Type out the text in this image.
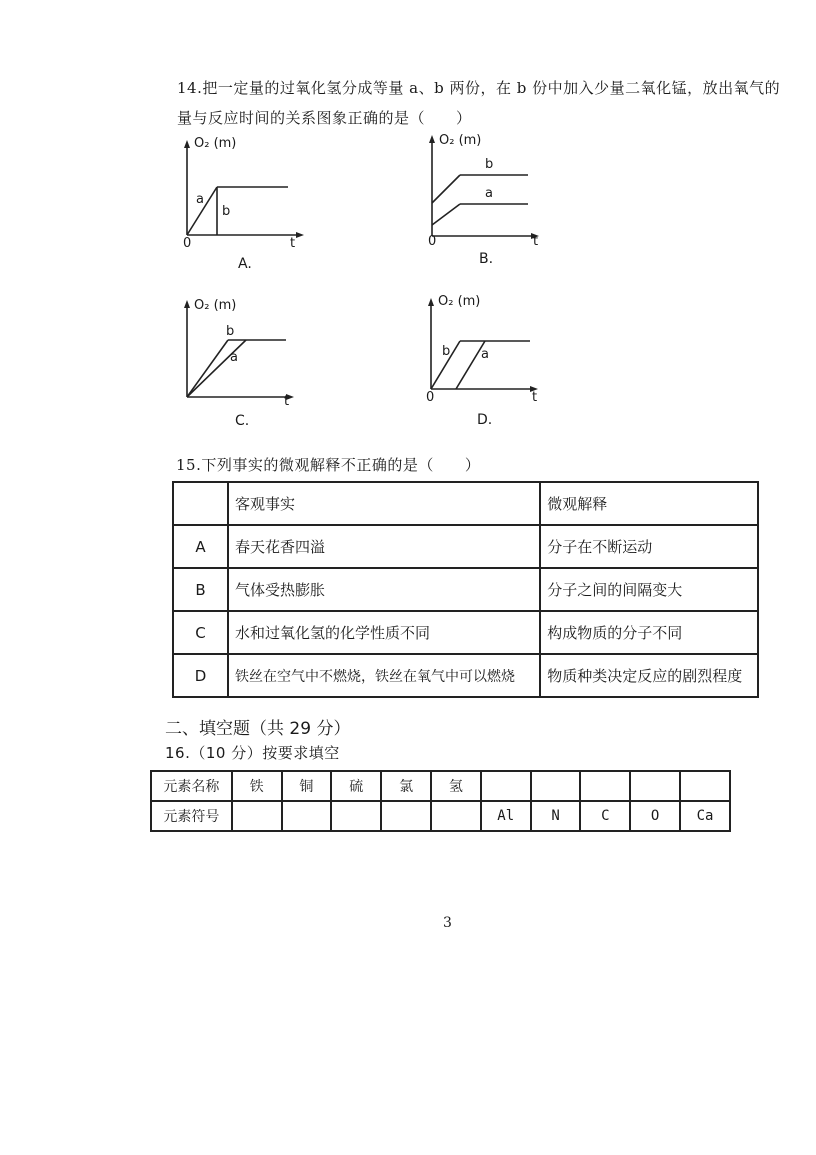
14.把一定量的过氧化氢分成等量 a、b 两份，在 b 份中加入少量二氧化锰，放出氧气的
量与反应时间的关系图象正确的是（　　）
O₂ (m)
0	t
a
b
A.
O₂ (m)
0	t
b
a
B.
O₂ (m)
t
b
a
C.
O₂ (m)
0	t
b a
D.
15.下列事实的微观解释不正确的是（　　）
	客观事实	微观解释
A	春天花香四溢	分子在不断运动
B	气体受热膨胀	分子之间的间隔变大
C	水和过氧化氢的化学性质不同	构成物质的分子不同
D	铁丝在空气中不燃烧，铁丝在氧气中可以燃烧	物质种类决定反应的剧烈程度
二、填空题（共 29 分）
16.（10 分）按要求填空
元素名称	铁	铜	硫	氯	氢					
元素符号						Al	N	C	O	Ca
3
